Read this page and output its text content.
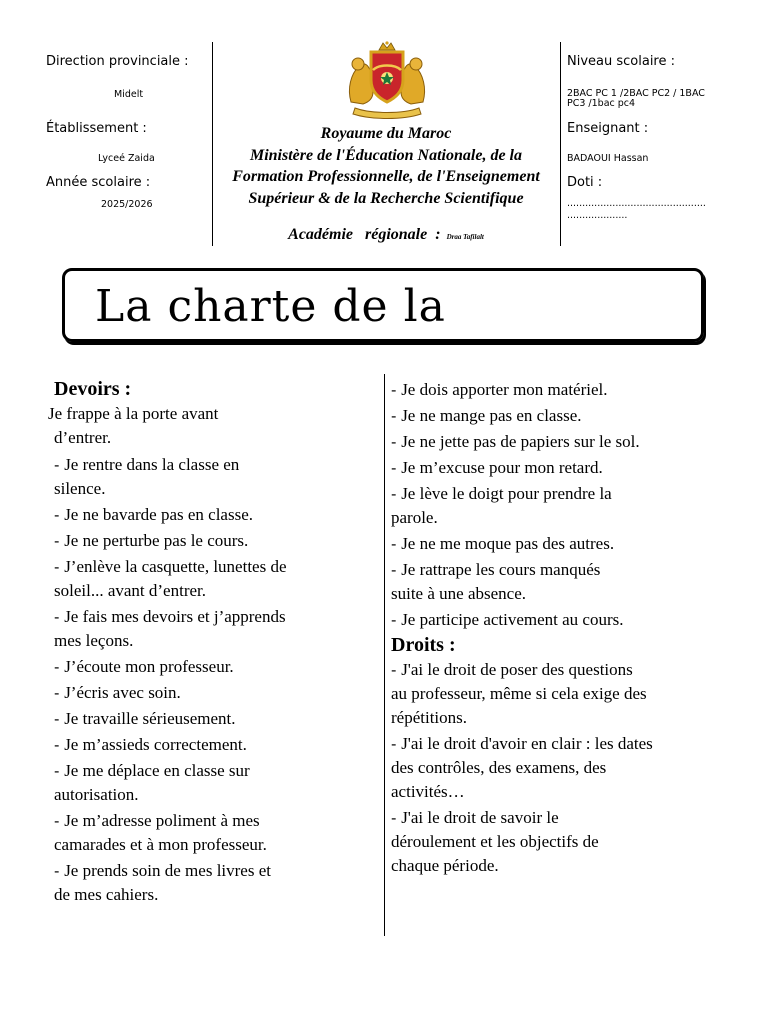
Direction provinciale :
Midelt
Établissement :
Lyceé Zaida
Année scolaire :
2025/2026
Royaume du Maroc
Ministère de l'Éducation Nationale, de la
Formation Professionnelle, de l'Enseignement
Supérieur & de la Recherche Scientifique
Académie   régionale  : Draa Tafilalt
Niveau scolaire :
2BAC PC 1 /2BAC PC2 / 1BAC
PC3 /1bac pc4
Enseignant :
BADAOUI Hassan
Doti :
..............................................
....................
La charte de la
Devoirs :
Je frappe à la porte avant
d’entrer.
- Je rentre dans la classe en
silence.
- Je ne bavarde pas en classe.
- Je ne perturbe pas le cours.
- J’enlève la casquette, lunettes de
soleil... avant d’entrer.
- Je fais mes devoirs et j’apprends
mes leçons.
- J’écoute mon professeur.
- J’écris avec soin.
- Je travaille sérieusement.
- Je m’assieds correctement.
- Je me déplace en classe sur
autorisation.
- Je m’adresse poliment à mes
camarades et à mon professeur.
- Je prends soin de mes livres et
de mes cahiers.
- Je dois apporter mon matériel.
- Je ne mange pas en classe.
- Je ne jette pas de papiers sur le sol.
- Je m’excuse pour mon retard.
- Je lève le doigt pour prendre la
parole.
- Je ne me moque pas des autres.
- Je rattrape les cours manqués
suite à une absence.
- Je participe activement au cours.
Droits :
- J'ai le droit de poser des questions
au professeur, même si cela exige des
répétitions.
- J'ai le droit d'avoir en clair : les dates
des contrôles, des examens, des
activités…
- J'ai le droit de savoir le
déroulement et les objectifs de
chaque période.
